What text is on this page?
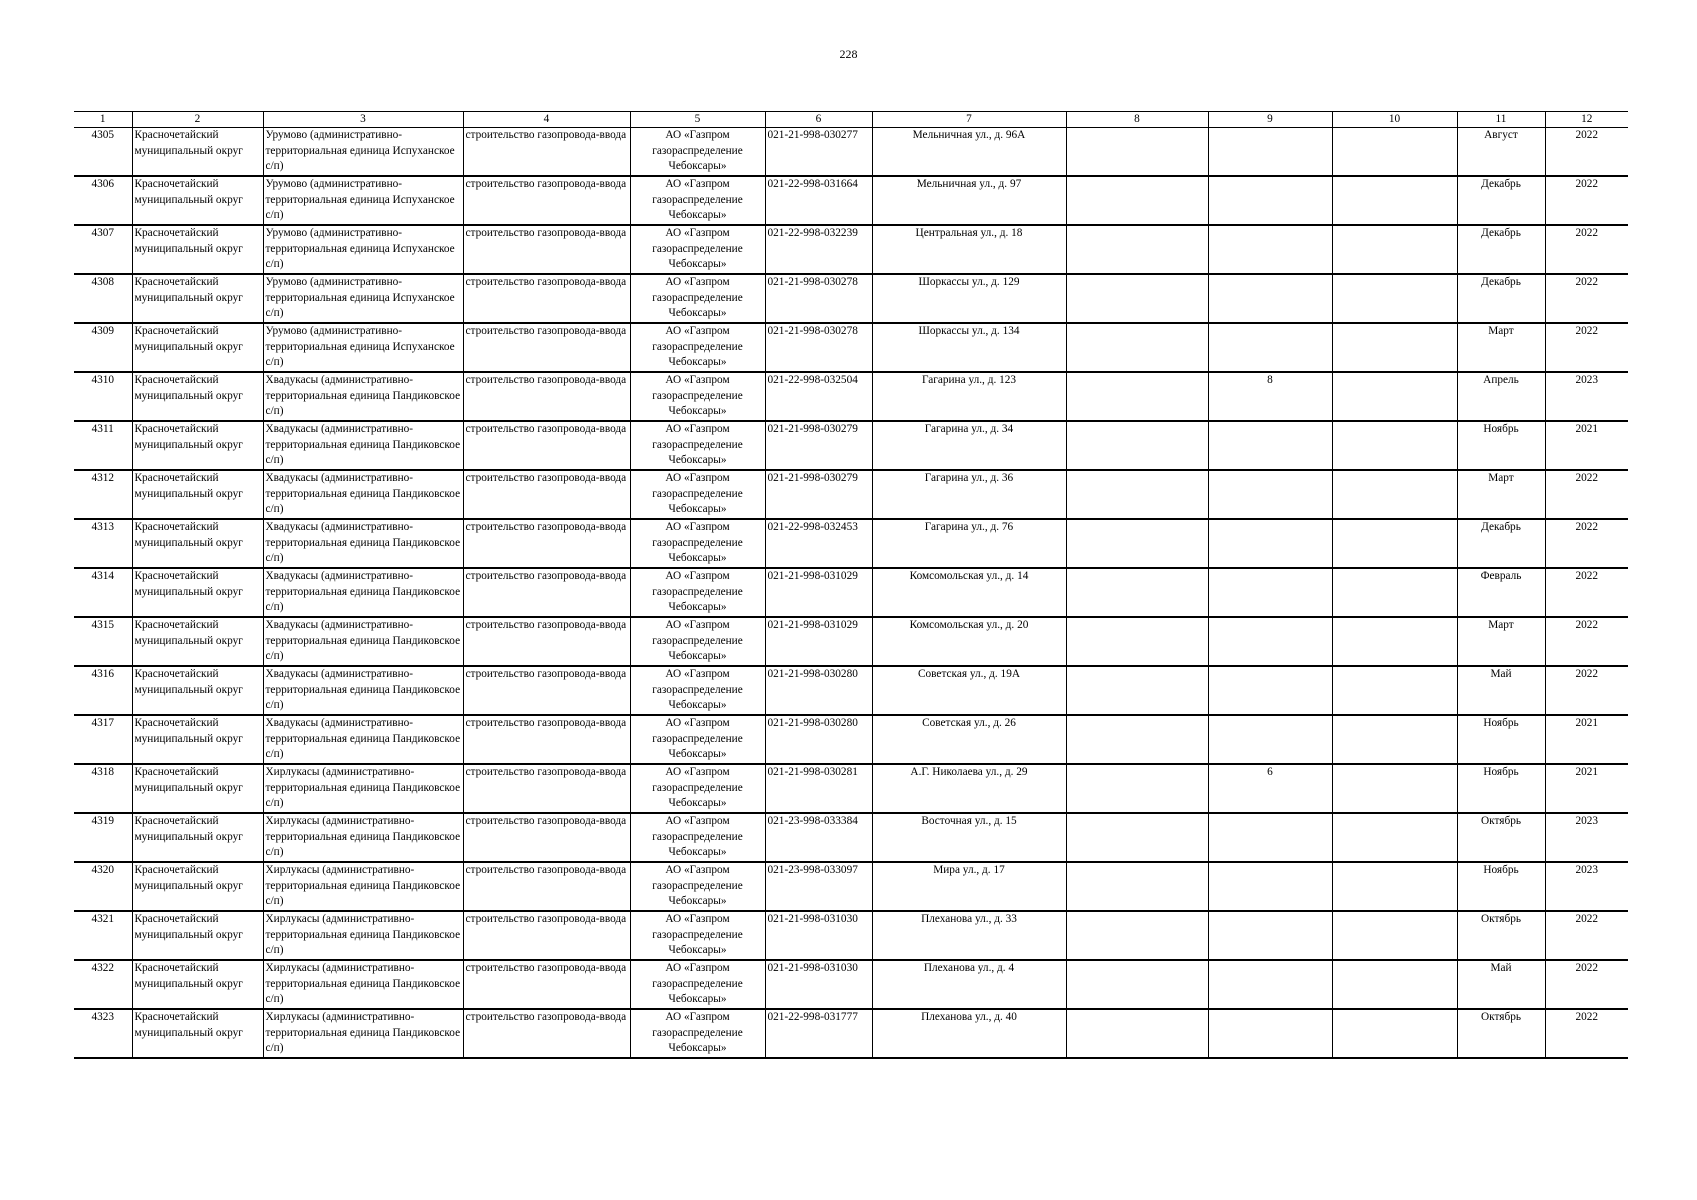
228
1	2	3	4	5	6	7	8	9	10	11	12
4305	Красночетайский муниципальный округ	Урумово (административно-территориальная единица Испуханское с/п)	строительство газопровода-ввода	АО «Газпром газораспределение Чебоксары»	021-21-998-030277	Мельничная ул., д. 96А				Август	2022
4306	Красночетайский муниципальный округ	Урумово (административно-территориальная единица Испуханское с/п)	строительство газопровода-ввода	АО «Газпром газораспределение Чебоксары»	021-22-998-031664	Мельничная ул., д. 97				Декабрь	2022
4307	Красночетайский муниципальный округ	Урумово (административно-территориальная единица Испуханское с/п)	строительство газопровода-ввода	АО «Газпром газораспределение Чебоксары»	021-22-998-032239	Центральная ул., д. 18				Декабрь	2022
4308	Красночетайский муниципальный округ	Урумово (административно-территориальная единица Испуханское с/п)	строительство газопровода-ввода	АО «Газпром газораспределение Чебоксары»	021-21-998-030278	Шоркассы ул., д. 129				Декабрь	2022
4309	Красночетайский муниципальный округ	Урумово (административно-территориальная единица Испуханское с/п)	строительство газопровода-ввода	АО «Газпром газораспределение Чебоксары»	021-21-998-030278	Шоркассы ул., д. 134				Март	2022
4310	Красночетайский муниципальный округ	Хвадукасы (административно-территориальная единица Пандиковское с/п)	строительство газопровода-ввода	АО «Газпром газораспределение Чебоксары»	021-22-998-032504	Гагарина ул., д. 123		8		Апрель	2023
4311	Красночетайский муниципальный округ	Хвадукасы (административно-территориальная единица Пандиковское с/п)	строительство газопровода-ввода	АО «Газпром газораспределение Чебоксары»	021-21-998-030279	Гагарина ул., д. 34				Ноябрь	2021
4312	Красночетайский муниципальный округ	Хвадукасы (административно-территориальная единица Пандиковское с/п)	строительство газопровода-ввода	АО «Газпром газораспределение Чебоксары»	021-21-998-030279	Гагарина ул., д. 36				Март	2022
4313	Красночетайский муниципальный округ	Хвадукасы (административно-территориальная единица Пандиковское с/п)	строительство газопровода-ввода	АО «Газпром газораспределение Чебоксары»	021-22-998-032453	Гагарина ул., д. 76				Декабрь	2022
4314	Красночетайский муниципальный округ	Хвадукасы (административно-территориальная единица Пандиковское с/п)	строительство газопровода-ввода	АО «Газпром газораспределение Чебоксары»	021-21-998-031029	Комсомольская ул., д. 14				Февраль	2022
4315	Красночетайский муниципальный округ	Хвадукасы (административно-территориальная единица Пандиковское с/п)	строительство газопровода-ввода	АО «Газпром газораспределение Чебоксары»	021-21-998-031029	Комсомольская ул., д. 20				Март	2022
4316	Красночетайский муниципальный округ	Хвадукасы (административно-территориальная единица Пандиковское с/п)	строительство газопровода-ввода	АО «Газпром газораспределение Чебоксары»	021-21-998-030280	Советская ул., д. 19А				Май	2022
4317	Красночетайский муниципальный округ	Хвадукасы (административно-территориальная единица Пандиковское с/п)	строительство газопровода-ввода	АО «Газпром газораспределение Чебоксары»	021-21-998-030280	Советская ул., д. 26				Ноябрь	2021
4318	Красночетайский муниципальный округ	Хирлукасы (административно-территориальная единица Пандиковское с/п)	строительство газопровода-ввода	АО «Газпром газораспределение Чебоксары»	021-21-998-030281	А.Г. Николаева ул., д. 29		6		Ноябрь	2021
4319	Красночетайский муниципальный округ	Хирлукасы (административно-территориальная единица Пандиковское с/п)	строительство газопровода-ввода	АО «Газпром газораспределение Чебоксары»	021-23-998-033384	Восточная ул., д. 15				Октябрь	2023
4320	Красночетайский муниципальный округ	Хирлукасы (административно-территориальная единица Пандиковское с/п)	строительство газопровода-ввода	АО «Газпром газораспределение Чебоксары»	021-23-998-033097	Мира ул., д. 17				Ноябрь	2023
4321	Красночетайский муниципальный округ	Хирлукасы (административно-территориальная единица Пандиковское с/п)	строительство газопровода-ввода	АО «Газпром газораспределение Чебоксары»	021-21-998-031030	Плеханова ул., д. 33				Октябрь	2022
4322	Красночетайский муниципальный округ	Хирлукасы (административно-территориальная единица Пандиковское с/п)	строительство газопровода-ввода	АО «Газпром газораспределение Чебоксары»	021-21-998-031030	Плеханова ул., д. 4				Май	2022
4323	Красночетайский муниципальный округ	Хирлукасы (административно-территориальная единица Пандиковское с/п)	строительство газопровода-ввода	АО «Газпром газораспределение Чебоксары»	021-22-998-031777	Плеханова ул., д. 40				Октябрь	2022
